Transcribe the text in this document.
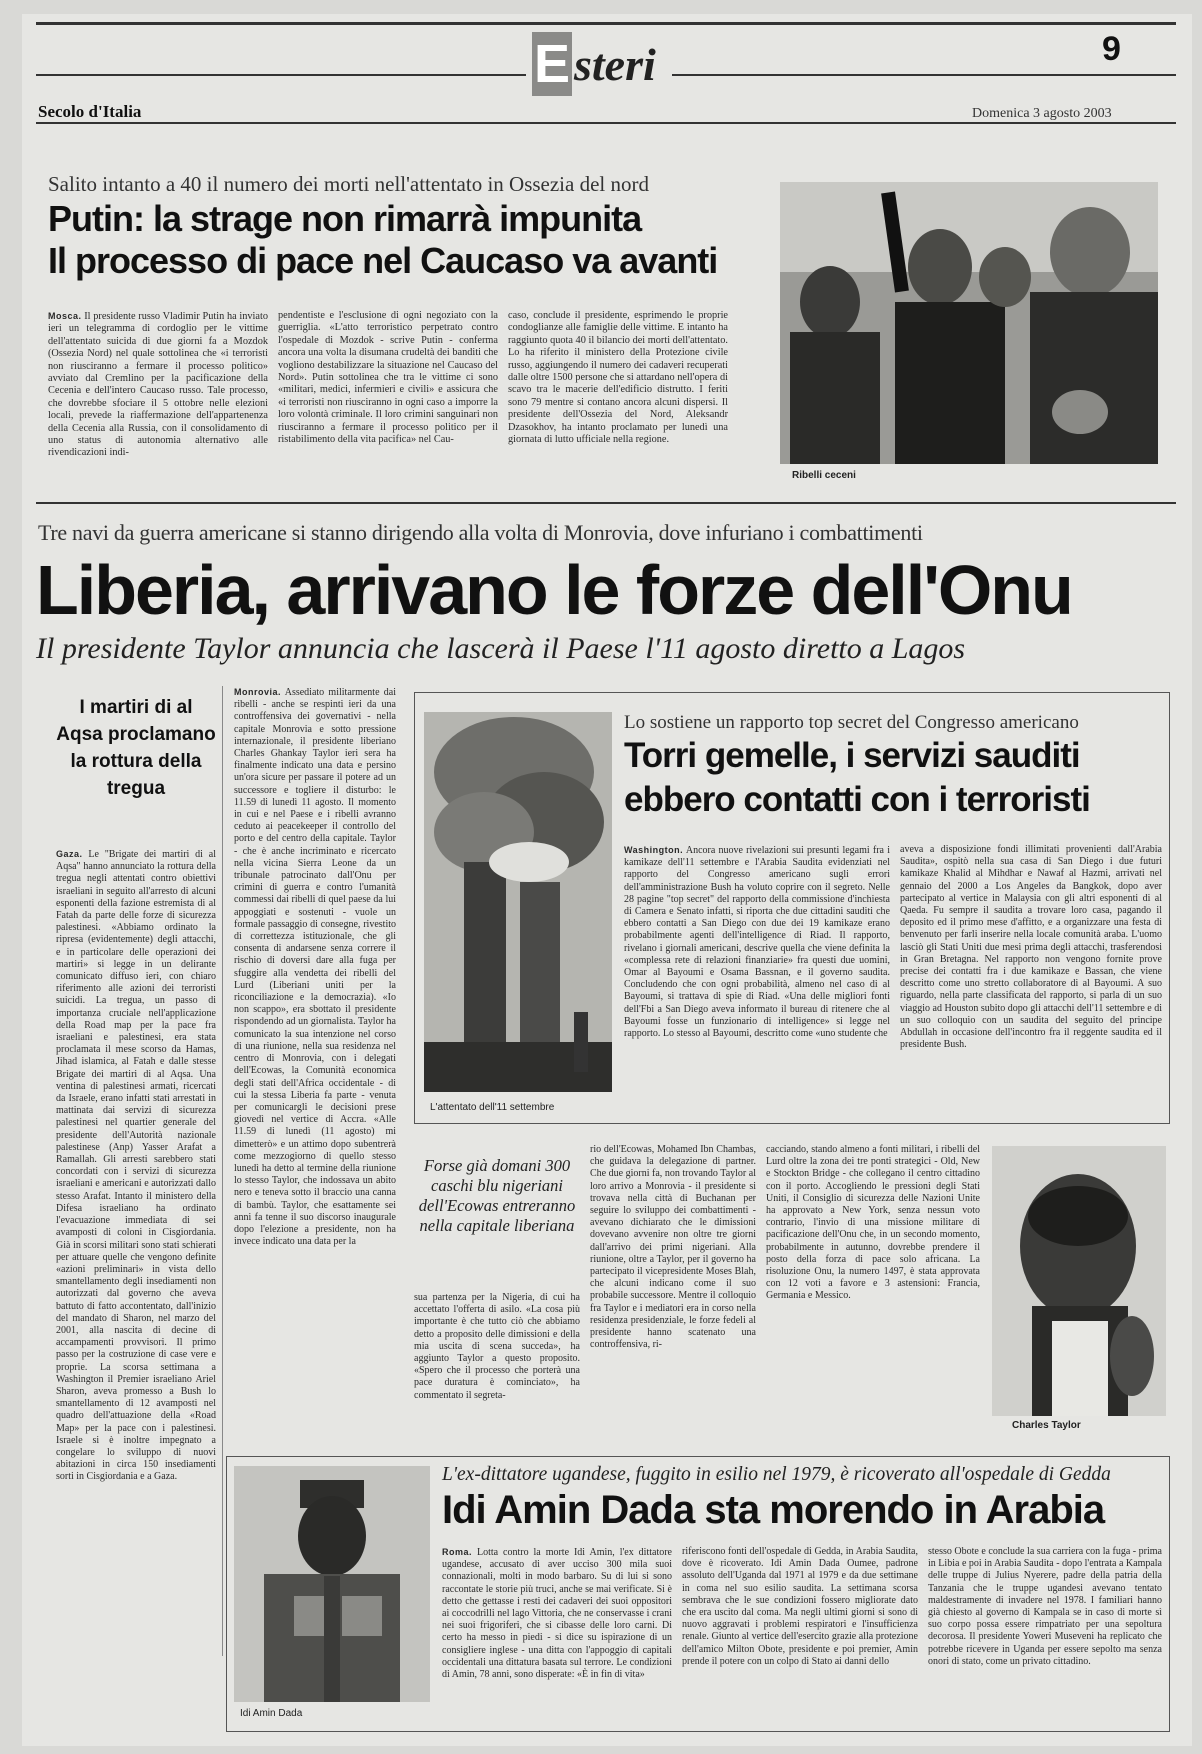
E steri	9
Secolo d'Italia	Domenica 3 agosto 2003
Salito intanto a 40 il numero dei morti nell'attentato in Ossezia del nord
Putin: la strage non rimarrà impunita
Il processo di pace nel Caucaso va avanti
Mosca. Il presidente russo Vladimir Putin ha inviato ieri un telegramma di cordoglio per le vittime dell'attentato suicida di due giorni fa a Mozdok (Ossezia Nord) nel quale sottolinea che «i terroristi non riusciranno a fermare il processo politico» avviato dal Cremlino per la pacificazione della Cecenia e dell'intero Caucaso russo. Tale processo, che dovrebbe sfociare il 5 ottobre nelle elezioni locali, prevede la riaffermazione dell'appartenenza della Cecenia alla Russia, con il consolidamento di uno status di autonomia alternativo alle rivendicazioni indi-
pendentiste e l'esclusione di ogni negoziato con la guerriglia. «L'atto terroristico perpetrato contro l'ospedale di Mozdok - scrive Putin - conferma ancora una volta la disumana crudeltà dei banditi che vogliono destabilizzare la situazione nel Caucaso del Nord». Putin sottolinea che tra le vittime ci sono «militari, medici, infermieri e civili» e assicura che «i terroristi non riusciranno in ogni caso a imporre la loro volontà criminale. Il loro crimini sanguinari non riusciranno a fermare il processo politico per il ristabilimento della vita pacifica» nel Cau-
caso, conclude il presidente, esprimendo le proprie condoglianze alle famiglie delle vittime. E intanto ha raggiunto quota 40 il bilancio dei morti dell'attentato. Lo ha riferito il ministero della Protezione civile russo, aggiungendo il numero dei cadaveri recuperati dalle oltre 1500 persone che si attardano nell'opera di scavo tra le macerie dell'edificio distrutto. I feriti sono 79 mentre si contano ancora alcuni dispersi. Il presidente dell'Ossezia del Nord, Aleksandr Dzasokhov, ha intanto proclamato per lunedì una giornata di lutto ufficiale nella regione.
Ribelli ceceni
Tre navi da guerra americane si stanno dirigendo alla volta di Monrovia, dove infuriano i combattimenti
Liberia, arrivano le forze dell'Onu
Il presidente Taylor annuncia che lascerà il Paese l'11 agosto diretto a Lagos
I martiri di al Aqsa proclamano la rottura della tregua
Gaza. Le "Brigate dei martiri di al Aqsa" hanno annunciato la rottura della tregua negli attentati contro obiettivi israeliani in seguito all'arresto di alcuni esponenti della fazione estremista di al Fatah da parte delle forze di sicurezza palestinesi. «Abbiamo ordinato la ripresa (evidentemente) degli attacchi, e in particolare delle operazioni dei martiri» si legge in un delirante comunicato diffuso ieri, con chiaro riferimento alle azioni dei terroristi suicidi. La tregua, un passo di importanza cruciale nell'applicazione della Road map per la pace fra israeliani e palestinesi, era stata proclamata il mese scorso da Hamas, Jihad islamica, al Fatah e dalle stesse Brigate dei martiri di al Aqsa. Una ventina di palestinesi armati, ricercati da Israele, erano infatti stati arrestati in mattinata dai servizi di sicurezza palestinesi nel quartier generale del presidente dell'Autorità nazionale palestinese (Anp) Yasser Arafat a Ramallah. Gli arresti sarebbero stati concordati con i servizi di sicurezza israeliani e americani e autorizzati dallo stesso Arafat. Intanto il ministero della Difesa israeliano ha ordinato l'evacuazione immediata di sei avamposti di coloni in Cisgiordania. Già in scorsi militari sono stati schierati per attuare quelle che vengono definite «azioni preliminari» in vista dello smantellamento degli insediamenti non autorizzati dal governo che aveva battuto di fatto accontentato, dall'inizio del mandato di Sharon, nel marzo del 2001, alla nascita di decine di accampamenti provvisori. Il primo passo per la costruzione di case vere e proprie. La scorsa settimana a Washington il Premier israeliano Ariel Sharon, aveva promesso a Bush lo smantellamento di 12 avamposti nel quadro dell'attuazione della «Road Map» per la pace con i palestinesi. Israele si è inoltre impegnato a congelare lo sviluppo di nuovi abitazioni in circa 150 insediamenti sorti in Cisgiordania e a Gaza.
Monrovia. Assediato militarmente dai ribelli - anche se respinti ieri da una controffensiva dei governativi - nella capitale Monrovia e sotto pressione internazionale, il presidente liberiano Charles Ghankay Taylor ieri sera ha finalmente indicato una data e persino un'ora sicure per passare il potere ad un successore e togliere il disturbo: le 11.59 di lunedì 11 agosto. Il momento in cui e nel Paese e i ribelli avranno ceduto ai peacekeeper il controllo del porto e del centro della capitale. Taylor - che è anche incriminato e ricercato nella vicina Sierra Leone da un tribunale patrocinato dall'Onu per crimini di guerra e contro l'umanità commessi dai ribelli di quel paese da lui appoggiati e sostenuti - vuole un formale passaggio di consegne, rivestito di correttezza istituzionale, che gli consenta di andarsene senza correre il rischio di doversi dare alla fuga per sfuggire alla vendetta dei ribelli del Lurd (Liberiani uniti per la riconciliazione e la democrazia). «Io non scappo», era sbottato il presidente rispondendo ad un giornalista. Taylor ha comunicato la sua intenzione nel corso di una riunione, nella sua residenza nel centro di Monrovia, con i delegati dell'Ecowas, la Comunità economica degli stati dell'Africa occidentale - di cui la stessa Liberia fa parte - venuta per comunicargli le decisioni prese giovedì nel vertice di Accra. «Alle 11.59 di lunedì (11 agosto) mi dimetterò» e un attimo dopo subentrerà come mezzogiorno di quello stesso lunedì ha detto al termine della riunione lo stesso Taylor, che indossava un abito nero e teneva sotto il braccio una canna di bambù. Taylor, che esattamente sei anni fa tenne il suo discorso inaugurale dopo l'elezione a presidente, non ha invece indicato una data per la
L'attentato dell'11 settembre
Lo sostiene un rapporto top secret del Congresso americano
Torri gemelle, i servizi sauditi
ebbero contatti con i terroristi
Washington. Ancora nuove rivelazioni sui presunti legami fra i kamikaze dell'11 settembre e l'Arabia Saudita evidenziati nel rapporto del Congresso americano sugli errori dell'amministrazione Bush ha voluto coprire con il segreto. Nelle 28 pagine "top secret" del rapporto della commissione d'inchiesta di Camera e Senato infatti, si riporta che due cittadini sauditi che ebbero contatti a San Diego con due dei 19 kamikaze erano probabilmente agenti dell'intelligence di Riad. Il rapporto, rivelano i giornali americani, descrive quella che viene definita la «complessa rete di relazioni finanziarie» fra questi due uomini, Omar al Bayoumi e Osama Bassnan, e il governo saudita. Concludendo che con ogni probabilità, almeno nel caso di al Bayoumi, si trattava di spie di Riad. «Una delle migliori fonti dell'Fbi a San Diego aveva informato il bureau di ritenere che al Bayoumi fosse un funzionario di intelligence» si legge nel rapporto. Lo stesso al Bayoumi, descritto come «uno studente che
aveva a disposizione fondi illimitati provenienti dall'Arabia Saudita», ospitò nella sua casa di San Diego i due futuri kamikaze Khalid al Mihdhar e Nawaf al Hazmi, arrivati nel gennaio del 2000 a Los Angeles da Bangkok, dopo aver partecipato al vertice in Malaysia con gli altri esponenti di al Qaeda. Fu sempre il saudita a trovare loro casa, pagando il deposito ed il primo mese d'affitto, e a organizzare una festa di benvenuto per farli inserire nella locale comunità araba. L'uomo lasciò gli Stati Uniti due mesi prima degli attacchi, trasferendosi in Gran Bretagna. Nel rapporto non vengono fornite prove precise dei contatti fra i due kamikaze e Bassan, che viene descritto come uno stretto collaboratore di al Bayoumi. A suo riguardo, nella parte classificata del rapporto, si parla di un suo viaggio ad Houston subito dopo gli attacchi dell'11 settembre e di un suo colloquio con un saudita del seguito del principe Abdullah in occasione dell'incontro fra il reggente saudita ed il presidente Bush.
Forse già domani 300 caschi blu nigeriani dell'Ecowas entreranno nella capitale liberiana
sua partenza per la Nigeria, di cui ha accettato l'offerta di asilo. «La cosa più importante è che tutto ciò che abbiamo detto a proposito delle dimissioni e della mia uscita di scena succeda», ha aggiunto Taylor a questo proposito. «Spero che il processo che porterà una pace duratura è cominciato», ha commentato il segreta-
rio dell'Ecowas, Mohamed Ibn Chambas, che guidava la delegazione di partner. Che due giorni fa, non trovando Taylor al loro arrivo a Monrovia - il presidente si trovava nella città di Buchanan per seguire lo sviluppo dei combattimenti - avevano dichiarato che le dimissioni dovevano avvenire non oltre tre giorni dall'arrivo dei primi nigeriani. Alla riunione, oltre a Taylor, per il governo ha partecipato il vicepresidente Moses Blah, che alcuni indicano come il suo probabile successore. Mentre il colloquio fra Taylor e i mediatori era in corso nella residenza presidenziale, le forze fedeli al presidente hanno scatenato una controffensiva, ri-
cacciando, stando almeno a fonti militari, i ribelli del Lurd oltre la zona dei tre ponti strategici - Old, New e Stockton Bridge - che collegano il centro cittadino con il porto. Accogliendo le pressioni degli Stati Uniti, il Consiglio di sicurezza delle Nazioni Unite ha approvato a New York, senza nessun voto contrario, l'invio di una missione militare di pacificazione dell'Onu che, in un secondo momento, probabilmente in autunno, dovrebbe prendere il posto della forza di pace solo africana. La risoluzione Onu, la numero 1497, è stata approvata con 12 voti a favore e 3 astensioni: Francia, Germania e Messico.
Charles Taylor
Idi Amin Dada
L'ex-dittatore ugandese, fuggito in esilio nel 1979, è ricoverato all'ospedale di Gedda
Idi Amin Dada sta morendo in Arabia
Roma. Lotta contro la morte Idi Amin, l'ex dittatore ugandese, accusato di aver ucciso 300 mila suoi connazionali, molti in modo barbaro. Su di lui si sono raccontate le storie più truci, anche se mai verificate. Si è detto che gettasse i resti dei cadaveri dei suoi oppositori ai coccodrilli nel lago Vittoria, che ne conservasse i crani nei suoi frigoriferi, che si cibasse delle loro carni. Di certo ha messo in piedi - si dice su ispirazione di un consigliere inglese - una ditta con l'appoggio di capitali occidentali una dittatura basata sul terrore. Le condizioni di Amin, 78 anni, sono disperate: «È in fin di vita»
riferiscono fonti dell'ospedale di Gedda, in Arabia Saudita, dove è ricoverato. Idi Amin Dada Oumee, padrone assoluto dell'Uganda dal 1971 al 1979 e da due settimane in coma nel suo esilio saudita. La settimana scorsa sembrava che le sue condizioni fossero migliorate dato che era uscito dal coma. Ma negli ultimi giorni si sono di nuovo aggravati i problemi respiratori e l'insufficienza renale. Giunto al vertice dell'esercito grazie alla protezione dell'amico Milton Obote, presidente e poi premier, Amin prende il potere con un colpo di Stato ai danni dello
stesso Obote e conclude la sua carriera con la fuga - prima in Libia e poi in Arabia Saudita - dopo l'entrata a Kampala delle truppe di Julius Nyerere, padre della patria della Tanzania che le truppe ugandesi avevano tentato maldestramente di invadere nel 1978. I familiari hanno già chiesto al governo di Kampala se in caso di morte sì suo corpo possa essere rimpatriato per una sepoltura decorosa. Il presidente Yoweri Museveni ha replicato che potrebbe ricevere in Uganda per essere sepolto ma senza onori di stato, come un privato cittadino.
